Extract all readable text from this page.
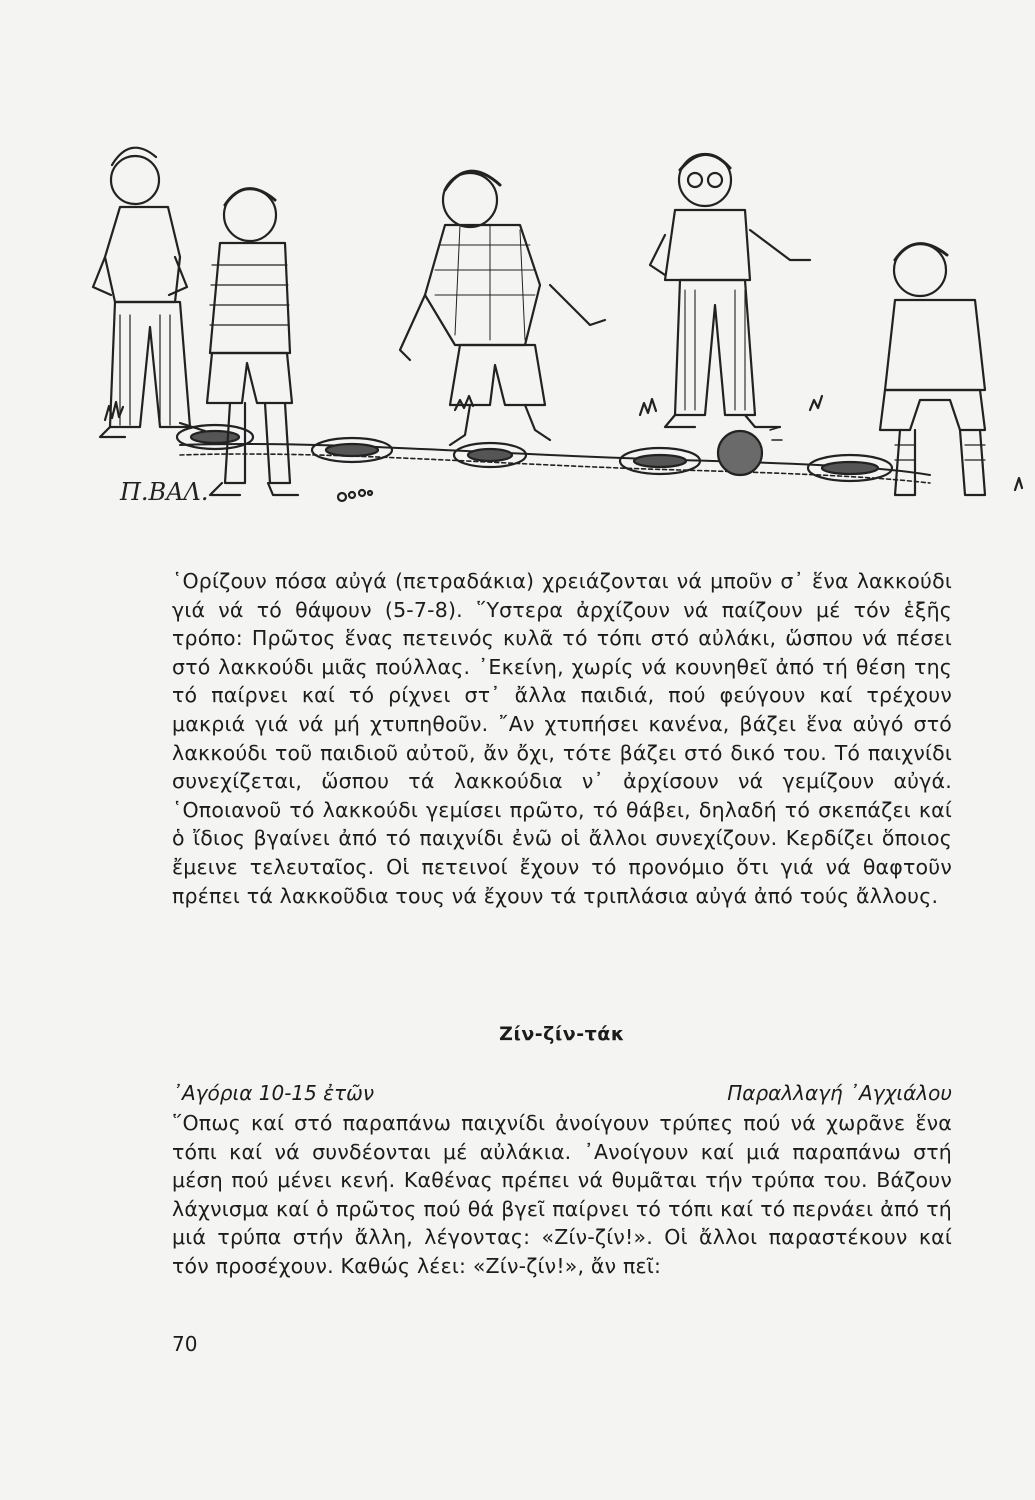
Π.ΒΑΛ.

῾Ορίζουν πόσα αὐγά (πετραδάκια) χρειάζονται νά μποῦν σ᾿ ἕνα λακκούδι γιά νά τό θάψουν (5-7-8). ῞Υστερα ἀρχίζουν νά παίζουν μέ τόν ἑξῆς τρόπο: Πρῶτος ἕνας πετεινός κυλᾶ τό τόπι στό αὐλάκι, ὥσπου νά πέσει στό λακκούδι μιᾶς πούλλας. ᾿Εκείνη, χωρίς νά κουνηθεῖ ἀπό τή θέση της τό παίρνει καί τό ρίχνει στ᾿ ἄλλα παιδιά, πού φεύγουν καί τρέχουν μακριά γιά νά μή χτυπηθοῦν. ῎Αν χτυπήσει κανένα, βάζει ἕνα αὐγό στό λακκούδι τοῦ παιδιοῦ αὐτοῦ, ἄν ὄχι, τότε βάζει στό δικό του. Τό παιχνίδι συνεχίζεται, ὥσπου τά λακκούδια ν᾿ ἀρχίσουν νά γεμίζουν αὐγά. ῾Οποιανοῦ τό λακκούδι γεμίσει πρῶτο, τό θάβει, δηλαδή τό σκεπάζει καί ὁ ἴδιος βγαίνει ἀπό τό παιχνίδι ἐνῶ οἱ ἄλλοι συνεχίζουν. Κερδίζει ὅποιος ἔμεινε τελευταῖος. Οἱ πετεινοί ἔχουν τό προνόμιο ὅτι γιά νά θαφτοῦν πρέπει τά λακκοῦδια τους νά ἔχουν τά τριπλάσια αὐγά ἀπό τούς ἄλλους.

Ζίν-ζίν-τάκ
᾿Αγόρια 10-15 ἐτῶν	Παραλλαγή ᾿Αγχιάλου

῞Οπως καί στό παραπάνω παιχνίδι ἀνοίγουν τρύπες πού νά χωρᾶνε ἕνα τόπι καί νά συνδέονται μέ αὐλάκια. ᾿Ανοίγουν καί μιά παραπάνω στή μέση πού μένει κενή. Καθένας πρέπει νά θυμᾶται τήν τρύπα του. Βάζουν λάχνισμα καί ὁ πρῶτος πού θά βγεῖ παίρνει τό τόπι καί τό περνάει ἀπό τή μιά τρύπα στήν ἄλλη, λέγοντας: «Ζίν-ζίν!». Οἱ ἄλλοι παραστέκουν καί τόν προσέχουν. Καθώς λέει: «Ζίν-ζίν!», ἄν πεῖ:

70
